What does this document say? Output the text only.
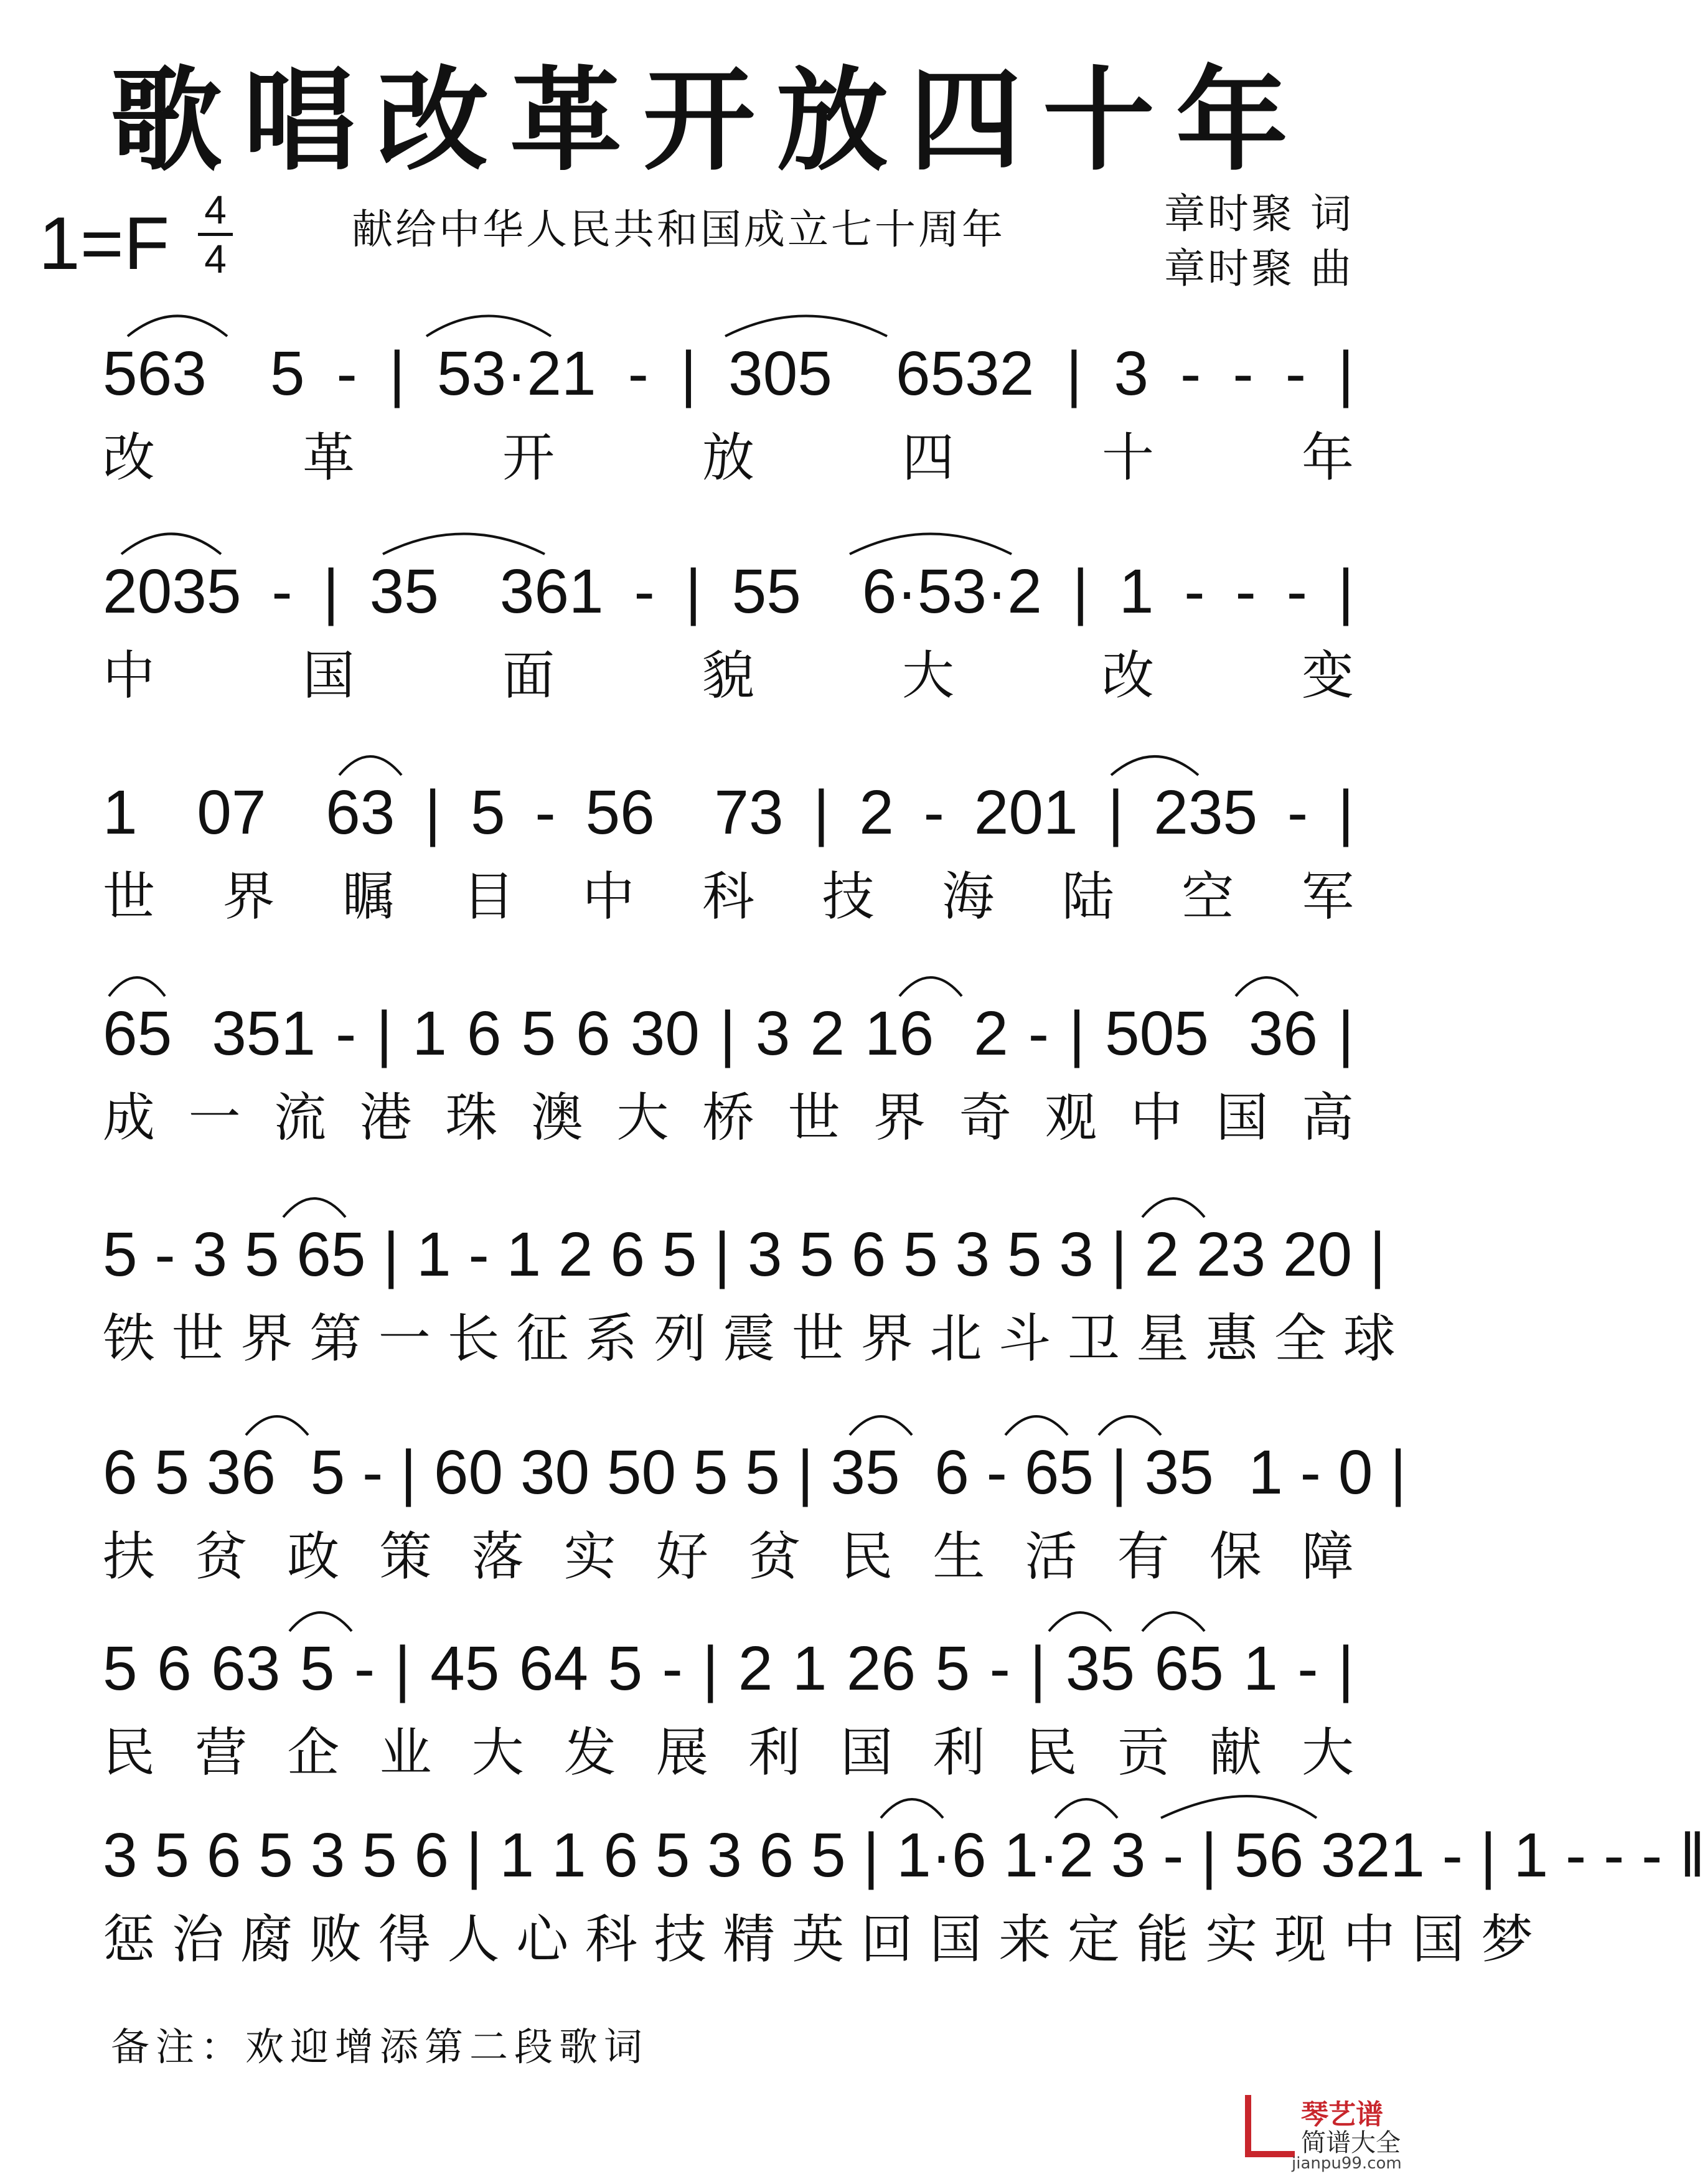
歌唱改革开放四十年
1=F 4
4
献给中华人民共和国成立七十周年	章时聚 词
章时聚 曲
563  5 - | 53·21 - | 305  6532 | 3 - - - |
改 革 开 放 四 十 年
2035 - | 35  361 - | 55  6·53·2 | 1 - - - |
中 国 面 貌 大 改 变
1  07  63 | 5 - 56  73 | 2 - 201 | 235 - |
世 界 瞩 目 中 科 技 海 陆 空 军
65  351 - | 1 6 5 6 30 | 3 2 16  2 - | 505  36 |
成 一 流 港 珠 澳 大 桥 世 界 奇 观 中 国 高
5 - 3 5 65 | 1 - 1 2 6 5 | 3 5 6 5 3 5 3 | 2 23 20 |
铁 世 界 第 一 长 征 系 列 震 世 界 北 斗 卫 星 惠 全 球
6 5 36  5 - | 60 30 50 5 5 | 35  6 - 65 | 35  1 - 0 |
扶 贫 政 策 落 实 好 贫 民 生 活 有 保 障
5 6 63 5 - | 45 64 5 - | 2 1 26 5 - | 35 65 1 - |
民 营 企 业 大 发 展 利 国 利 民 贡 献 大
3 5 6 5 3 5 6 | 1 1 6 5 3 6 5 | 1·6 1·2 3 - | 56 321 - | 1 - - - ‖
惩 治 腐 败 得 人 心 科 技 精 英 回 国 来 定 能 实 现 中 国 梦
备注：欢迎增添第二段歌词
琴艺谱
简谱大全
jianpu99.com
